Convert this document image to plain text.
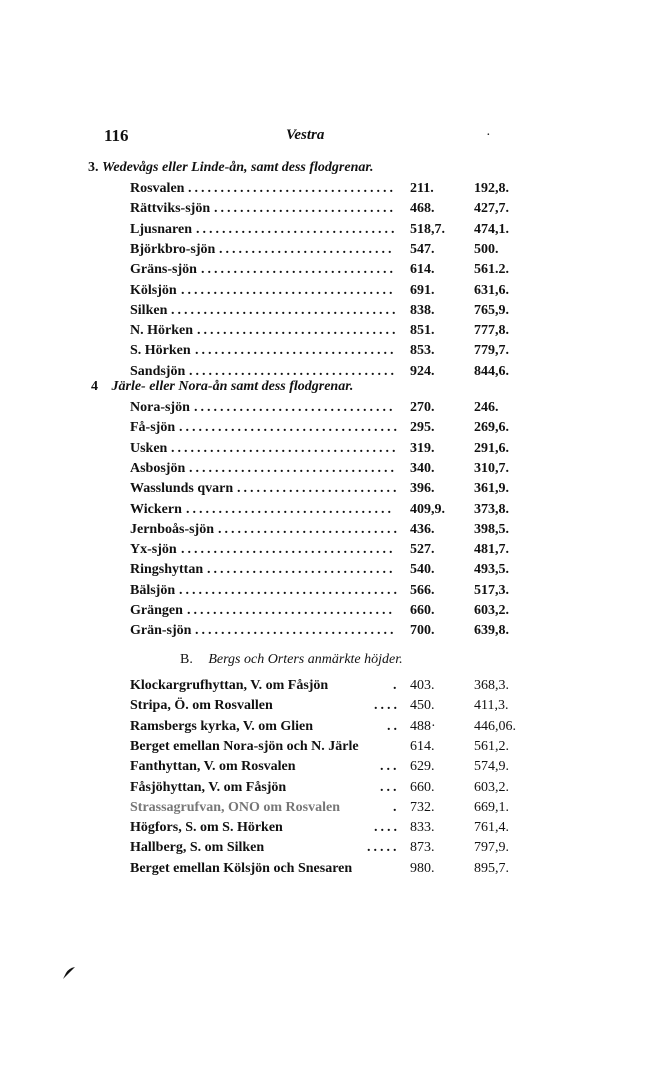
116	Vestra	·
3. Wedevågs eller Linde-ån, samt dess flodgrenar.
Rosvalen ................................ 211.	192,8.
Rättviks-sjön ............................ 468.	427,7.
Ljusnaren ............................... 518,7. 474,1.
Björkbro-sjön ........................... 547.	500.
Gräns-sjön .............................. 614.	561.2.
Kölsjön ................................. 691.	631,6.
Silken ................................... 838.	765,9.
N. Hörken ............................... 851.	777,8.
S. Hörken ............................... 853.	779,7.
Sandsjön ................................ 924.	844,6.
4 Järle- eller Nora-ån samt dess flodgrenar.
Nora-sjön ............................... 270.	246.
Få-sjön .................................. 295.	269,6.
Usken ................................... 319.	291,6.
Asbosjön ................................ 340.	310,7.
Wasslunds qvarn ......................... 396.	361,9.
Wickern ................................ 409,9. 373,8.
Jernboås-sjön ............................ 436.	398,5.
Yx-sjön ................................. 527.	481,7.
Ringshyttan ............................. 540.	493,5.
Bälsjön .................................. 566.	517,3.
Grängen ................................ 660.	603,2.
Grän-sjön ............................... 700.	639,8.
B. Bergs och Orters anmärkte höjder.
Klockargrufhyttan, V. om Fåsjön	. 403.	368,3.
Stripa, Ö. om Rosvallen	.... 450.	411,3.
Ramsbergs kyrka, V. om Glien	.. 488·	446,06.
Berget emellan Nora-sjön och N. Järle	614.	561,2.
Fanthyttan, V. om Rosvalen	... 629.	574,9.
Fåsjöhyttan, V. om Fåsjön	... 660.	603,2.
Strassagrufvan, ONO om Rosvalen	. 732.	669,1.
Högfors, S. om S. Hörken	.... 833.	761,4.
Hallberg, S. om Silken	..... 873.	797,9.
Berget emellan Kölsjön och Snesaren	980.	895,7.
